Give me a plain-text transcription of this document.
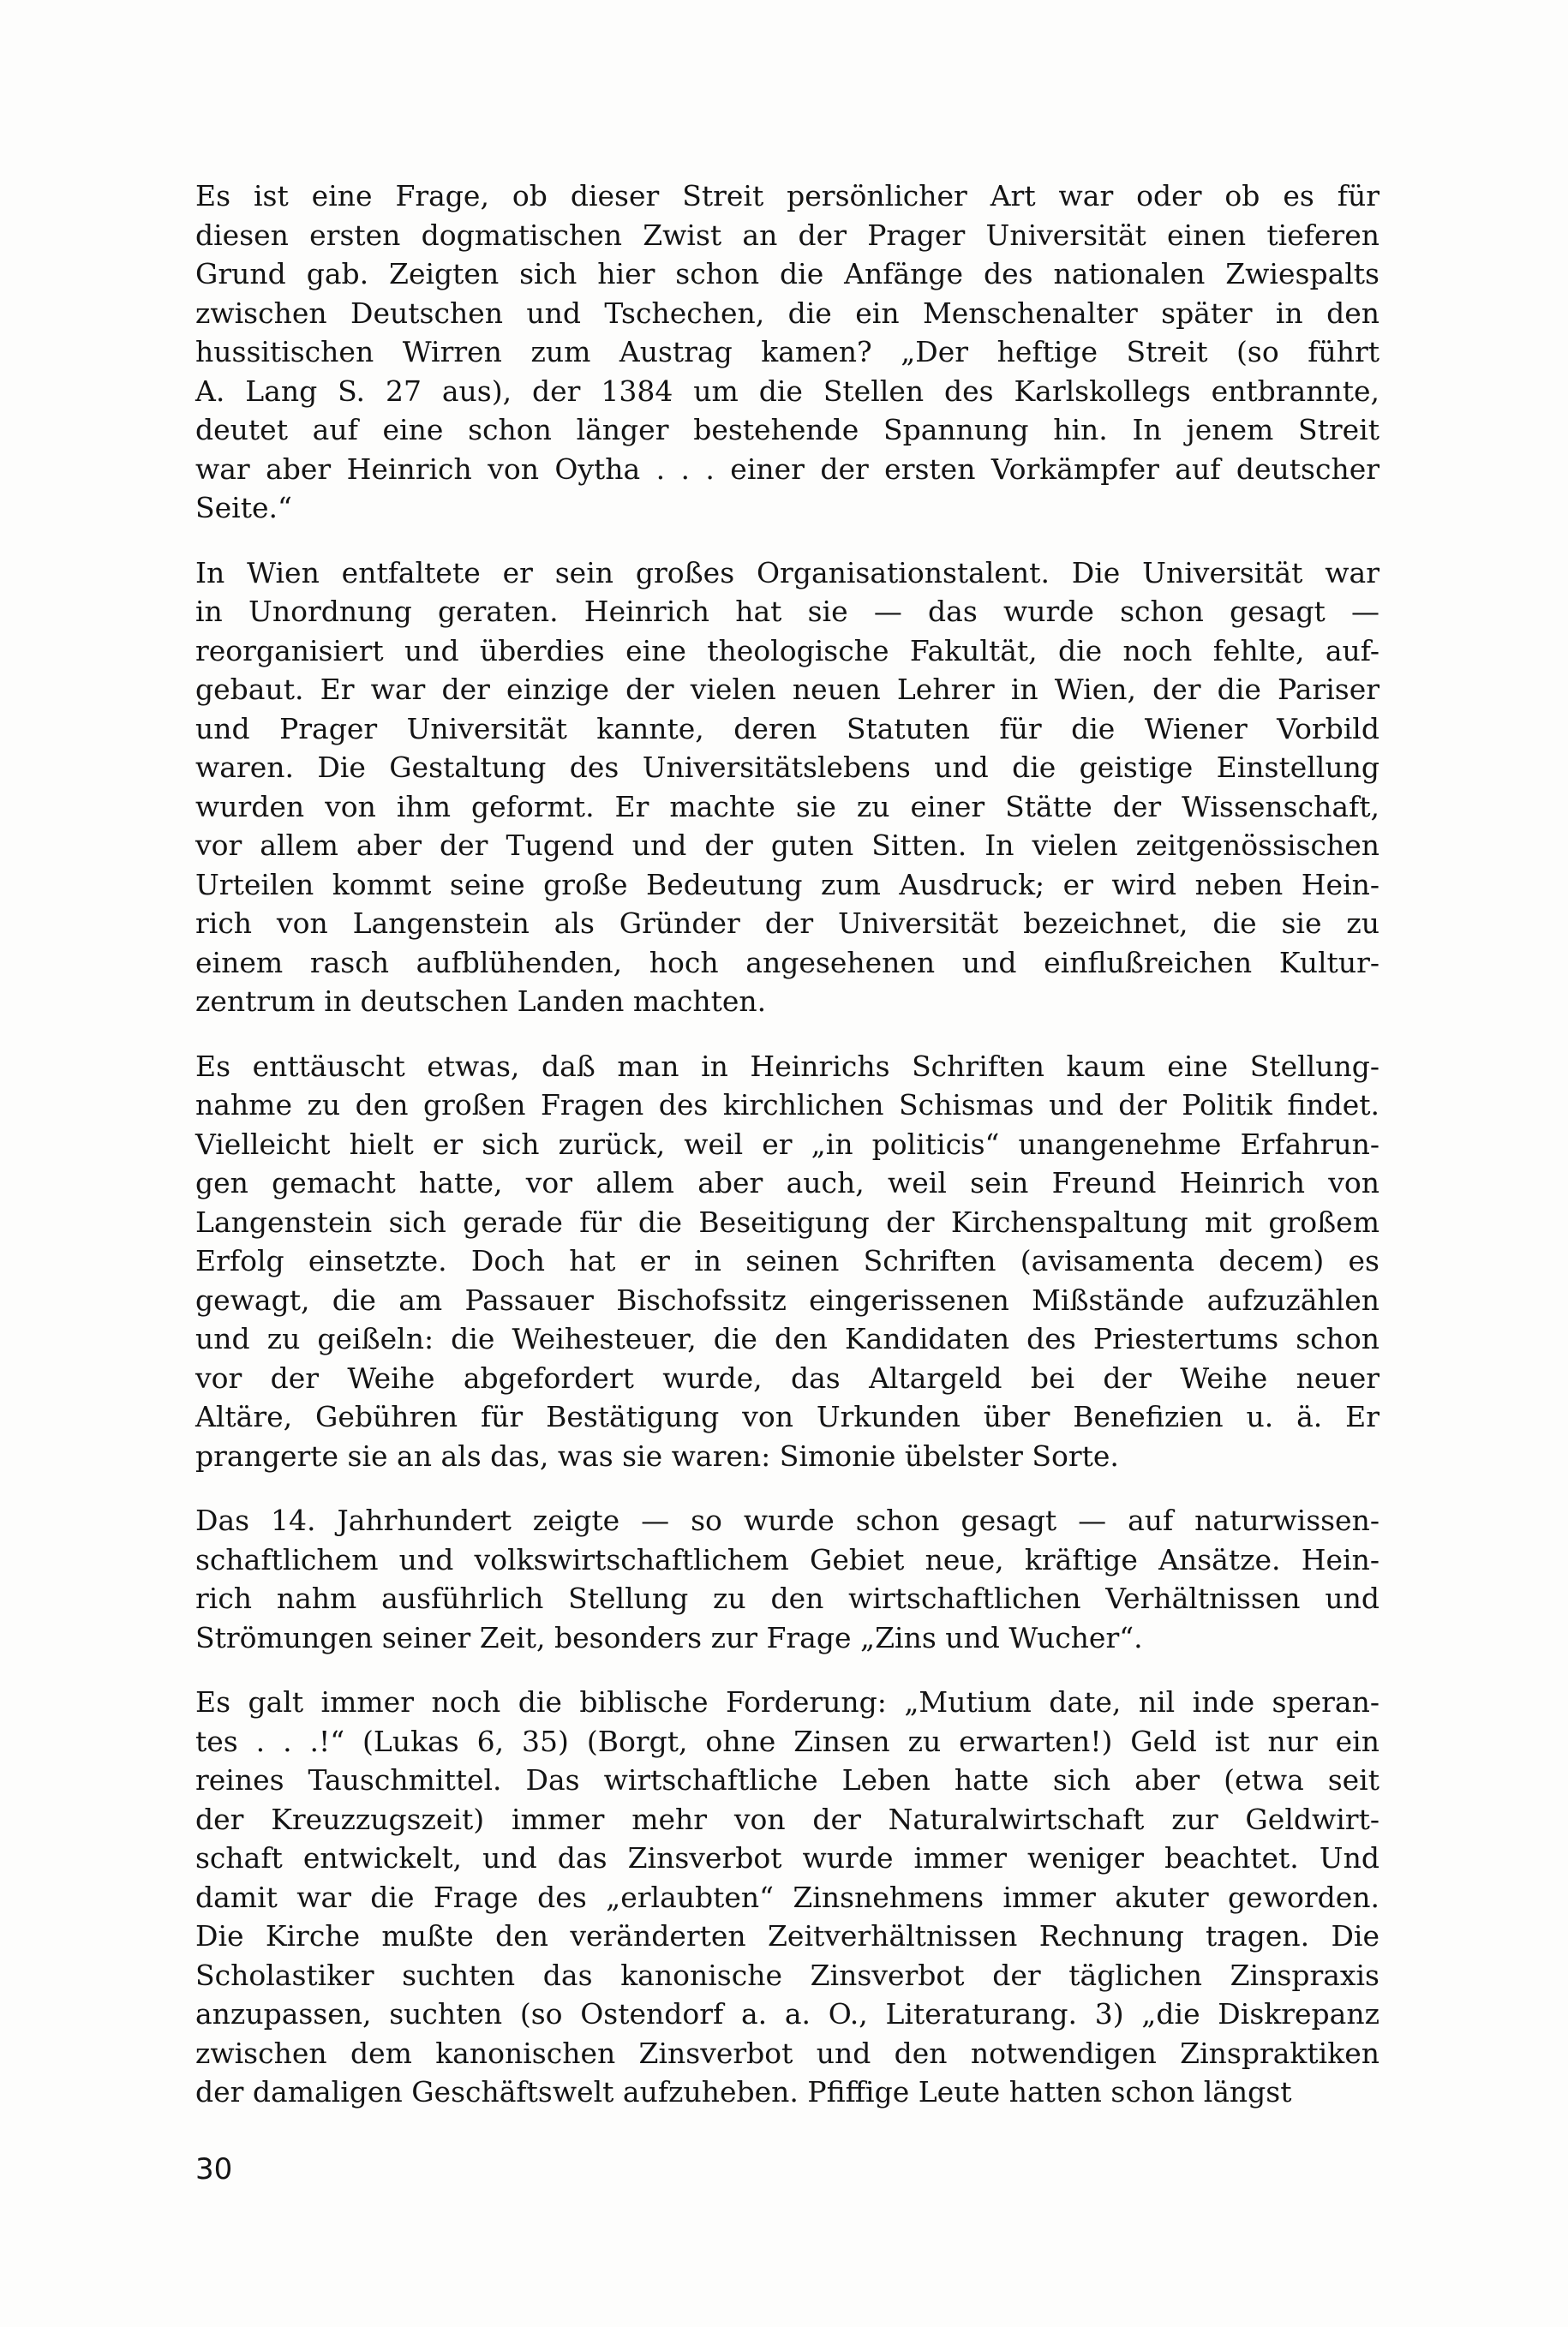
Es ist eine Frage, ob dieser Streit persönlicher Art war oder ob es für
diesen ersten dogmatischen Zwist an der Prager Universität einen tieferen
Grund gab. Zeigten sich hier schon die Anfänge des nationalen Zwiespalts
zwischen Deutschen und Tschechen, die ein Menschenalter später in den
hussitischen Wirren zum Austrag kamen? „Der heftige Streit (so führt
A. Lang S. 27 aus), der 1384 um die Stellen des Karlskollegs entbrannte,
deutet auf eine schon länger bestehende Spannung hin. In jenem Streit
war aber Heinrich von Oytha . . . einer der ersten Vorkämpfer auf deutscher
Seite.“

In Wien entfaltete er sein großes Organisationstalent. Die Universität war
in Unordnung geraten. Heinrich hat sie — das wurde schon gesagt —
reorganisiert und überdies eine theologische Fakultät, die noch fehlte, auf-
gebaut. Er war der einzige der vielen neuen Lehrer in Wien, der die Pariser
und Prager Universität kannte, deren Statuten für die Wiener Vorbild
waren. Die Gestaltung des Universitätslebens und die geistige Einstellung
wurden von ihm geformt. Er machte sie zu einer Stätte der Wissenschaft,
vor allem aber der Tugend und der guten Sitten. In vielen zeitgenössischen
Urteilen kommt seine große Bedeutung zum Ausdruck; er wird neben Hein-
rich von Langenstein als Gründer der Universität bezeichnet, die sie zu
einem rasch aufblühenden, hoch angesehenen und einflußreichen Kultur-
zentrum in deutschen Landen machten.

Es enttäuscht etwas, daß man in Heinrichs Schriften kaum eine Stellung-
nahme zu den großen Fragen des kirchlichen Schismas und der Politik findet.
Vielleicht hielt er sich zurück, weil er „in politicis“ unangenehme Erfahrun-
gen gemacht hatte, vor allem aber auch, weil sein Freund Heinrich von
Langenstein sich gerade für die Beseitigung der Kirchenspaltung mit großem
Erfolg einsetzte. Doch hat er in seinen Schriften (avisamenta decem) es
gewagt, die am Passauer Bischofssitz eingerissenen Mißstände aufzuzählen
und zu geißeln: die Weihesteuer, die den Kandidaten des Priestertums schon
vor der Weihe abgefordert wurde, das Altargeld bei der Weihe neuer
Altäre, Gebühren für Bestätigung von Urkunden über Benefizien u. ä. Er
prangerte sie an als das, was sie waren: Simonie übelster Sorte.

Das 14. Jahrhundert zeigte — so wurde schon gesagt — auf naturwissen-
schaftlichem und volkswirtschaftlichem Gebiet neue, kräftige Ansätze. Hein-
rich nahm ausführlich Stellung zu den wirtschaftlichen Verhältnissen und
Strömungen seiner Zeit, besonders zur Frage „Zins und Wucher“.

Es galt immer noch die biblische Forderung: „Mutium date, nil inde speran-
tes . . .!“ (Lukas 6, 35) (Borgt, ohne Zinsen zu erwarten!) Geld ist nur ein
reines Tauschmittel. Das wirtschaftliche Leben hatte sich aber (etwa seit
der Kreuzzugszeit) immer mehr von der Naturalwirtschaft zur Geldwirt-
schaft entwickelt, und das Zinsverbot wurde immer weniger beachtet. Und
damit war die Frage des „erlaubten“ Zinsnehmens immer akuter geworden.
Die Kirche mußte den veränderten Zeitverhältnissen Rechnung tragen. Die
Scholastiker suchten das kanonische Zinsverbot der täglichen Zinspraxis
anzupassen, suchten (so Ostendorf a. a. O., Literaturang. 3) „die Diskrepanz
zwischen dem kanonischen Zinsverbot und den notwendigen Zinspraktiken
der damaligen Geschäftswelt aufzuheben. Pfiffige Leute hatten schon längst

30
